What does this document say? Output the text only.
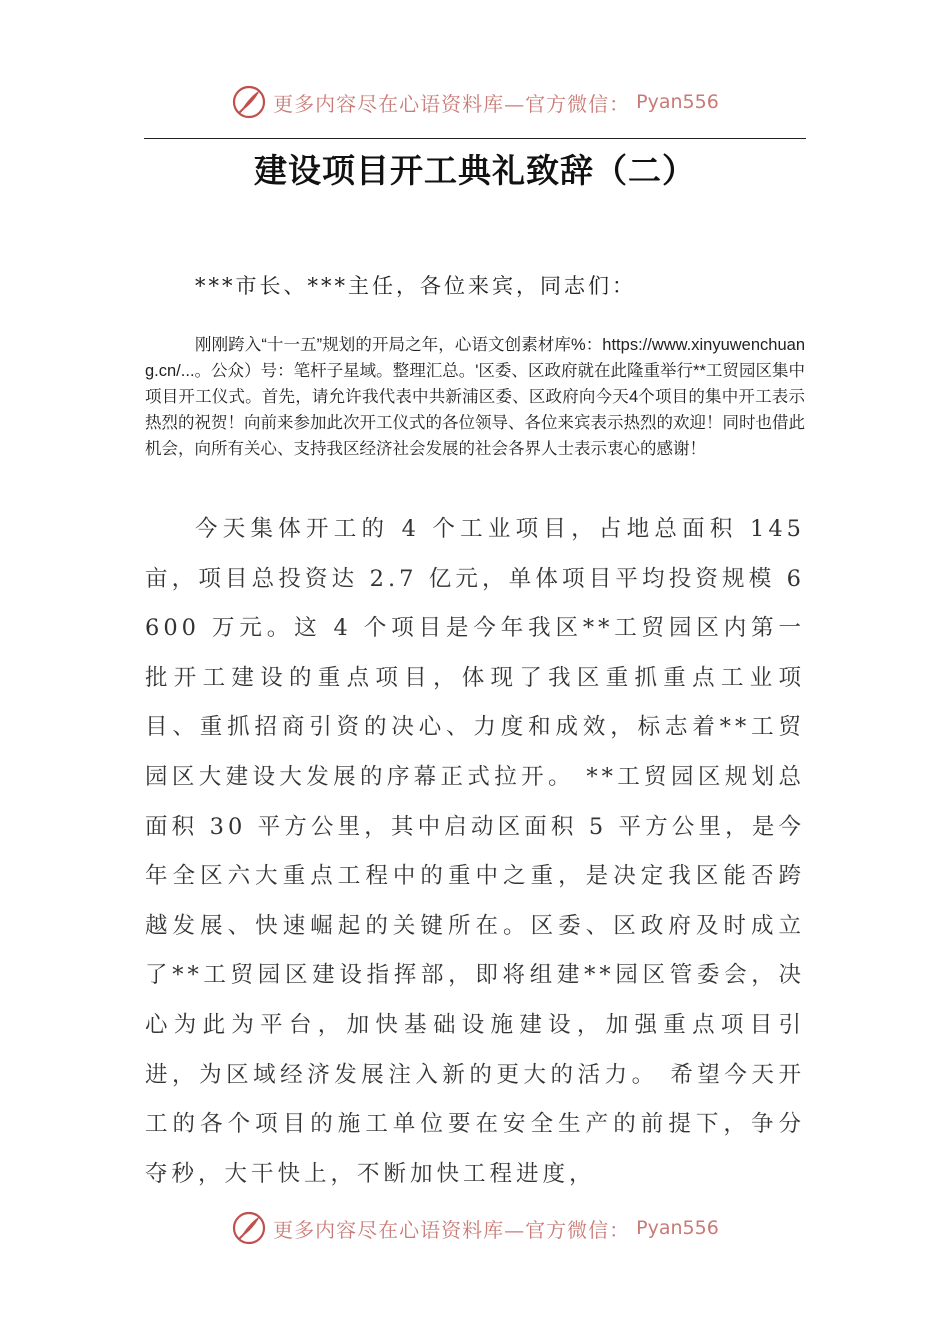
更多内容尽在心语资料库—官方微信： Pyan556
建设项目开工典礼致辞（二）
***市长、***主任，各位来宾，同志们：

刚刚跨入“十一五”规划的开局之年，心语文创素材库%：https://www.xinyuwenchuang.cn/...。公众）号：笔杆子星域。整理汇总。'区委、区政府就在此隆重举行**工贸园区集中项目开工仪式。首先，请允许我代表中共新浦区委、区政府向今天4个项目的集中开工表示热烈的祝贺！向前来参加此次开工仪式的各位领导、各位来宾表示热烈的欢迎！同时也借此机会，向所有关心、支持我区经济社会发展的社会各界人士表示衷心的感谢！

今天集体开工的 4 个工业项目，占地总面积 145 亩，项目总投资达 2.7 亿元，单体项目平均投资规模 6600 万元。这 4 个项目是今年我区**工贸园区内第一批开工建设的重点项目，体现了我区重抓重点工业项目、重抓招商引资的决心、力度和成效，标志着**工贸园区大建设大发展的序幕正式拉开。 **工贸园区规划总面积 30 平方公里，其中启动区面积 5 平方公里，是今年全区六大重点工程中的重中之重，是决定我区能否跨越发展、快速崛起的关键所在。区委、区政府及时成立了**工贸园区建设指挥部，即将组建**园区管委会，决心为此为平台，加快基础设施建设，加强重点项目引进，为区域经济发展注入新的更大的活力。 希望今天开工的各个项目的施工单位要在安全生产的前提下，争分夺秒，大干快上，不断加快工程进度，

更多内容尽在心语资料库—官方微信： Pyan556
